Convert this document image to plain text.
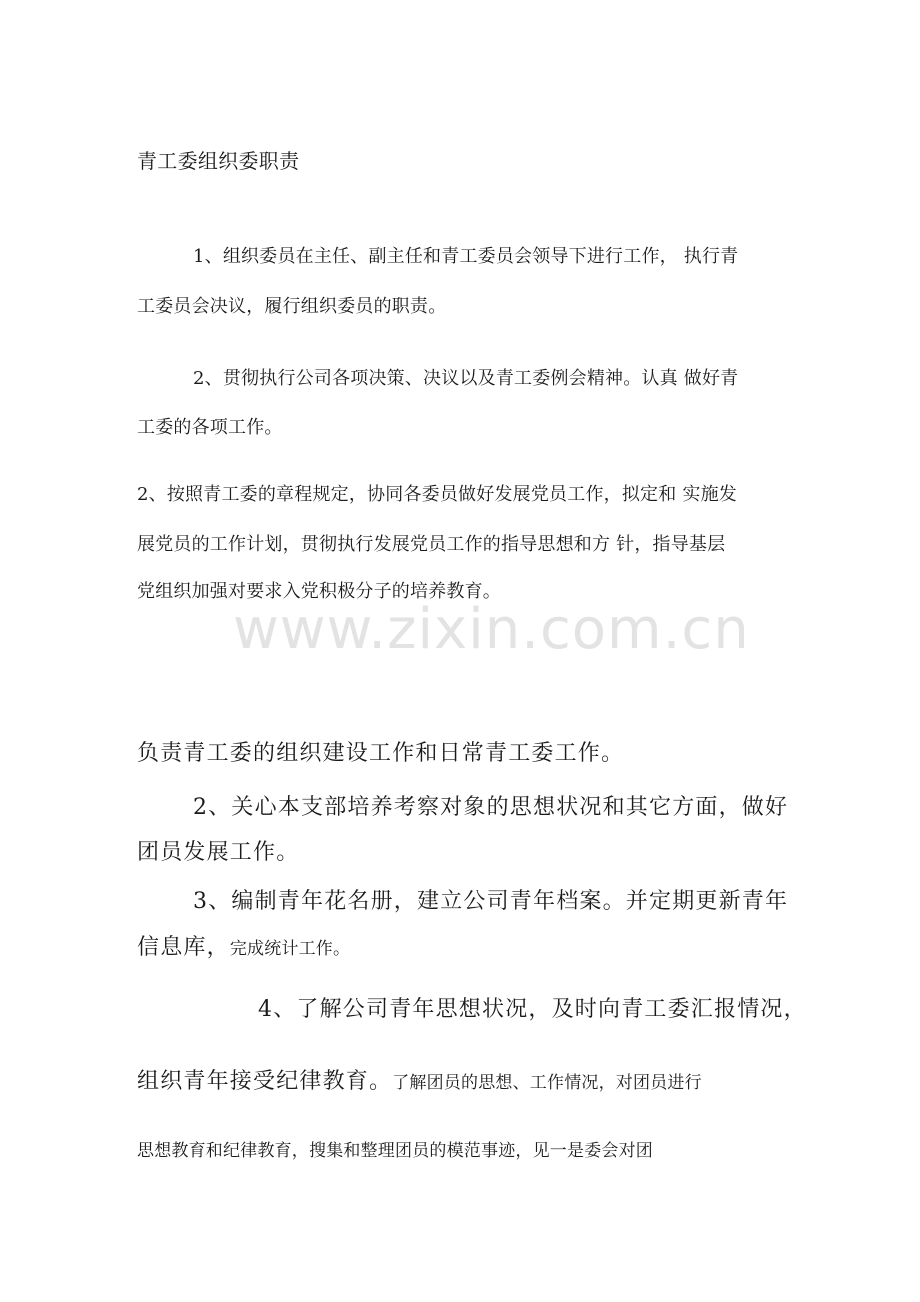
青工委组织委职责
1、组织委员在主任、副主任和青工委员会领导下进行工作， 执行青
工委员会决议，履行组织委员的职责。
2、贯彻执行公司各项决策、决议以及青工委例会精神。认真 做好青
工委的各项工作。
2、按照青工委的章程规定，协同各委员做好发展党员工作，拟定和 实施发
展党员的工作计划，贯彻执行发展党员工作的指导思想和方 针，指导基层
党组织加强对要求入党积极分子的培养教育。
www.zixin.com.cn
负责青工委的组织建设工作和日常青工委工作。
2、关心本支部培养考察对象的思想状况和其它方面，做好
团员发展工作。
3、编制青年花名册，建立公司青年档案。并定期更新青年
信息库，完成统计工作。
4、了解公司青年思想状况，及时向青工委汇报情况，
组织青年接受纪律教育。了解团员的思想、工作情况，对团员进行
思想教育和纪律教育，搜集和整理团员的模范事迹，见一是委会对团
